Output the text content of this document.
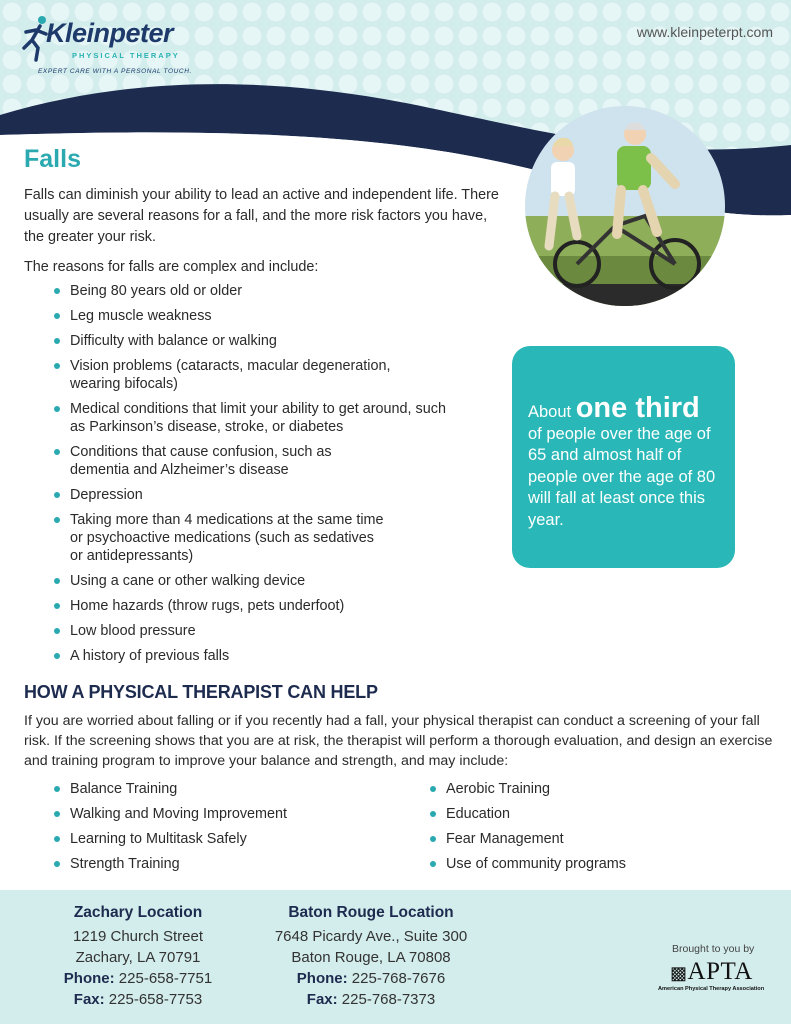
Kleinpeter
PHYSICAL THERAPY
EXPERT CARE WITH A PERSONAL TOUCH.
www.kleinpeterpt.com
Falls

Falls can diminish your ability to lead an active and independent life. There usually are several reasons for a fall, and the more risk factors you have, the greater your risk.

The reasons for falls are complex and include:

Being 80 years old or older
Leg muscle weakness
Difficulty with balance or walking
Vision problems (cataracts, macular degeneration, wearing bifocals)
Medical conditions that limit your ability to get around, such as Parkinson’s disease, stroke, or diabetes
Conditions that cause confusion, such as dementia and Alzheimer’s disease
Depression
Taking more than 4 medications at the same time or psychoactive medications (such as sedatives or antidepressants)
Using a cane or other walking device
Home hazards (throw rugs, pets underfoot)
Low blood pressure
A history of previous falls
About one third
of people over the age of 65 and almost half of people over the age of 80 will fall at least once this year.
HOW A PHYSICAL THERAPIST CAN HELP

If you are worried about falling or if you recently had a fall, your physical therapist can conduct a screening of your fall risk. If the screening shows that you are at risk, the therapist will perform a thorough evaluation, and design an exercise and training program to improve your balance and strength, and may include:

Balance Training
Walking and Moving Improvement
Learning to Multitask Safely
Strength Training
Aerobic Training
Education
Fear Management
Use of community programs
Zachary Location
1219 Church Street
Zachary, LA 70791
Phone: 225-658-7751
Fax: 225-658-7753
Baton Rouge Location
7648 Picardy Ave., Suite 300
Baton Rouge, LA 70808
Phone: 225-768-7676
Fax: 225-768-7373
Brought to you by
▩APTA
American Physical Therapy Association
